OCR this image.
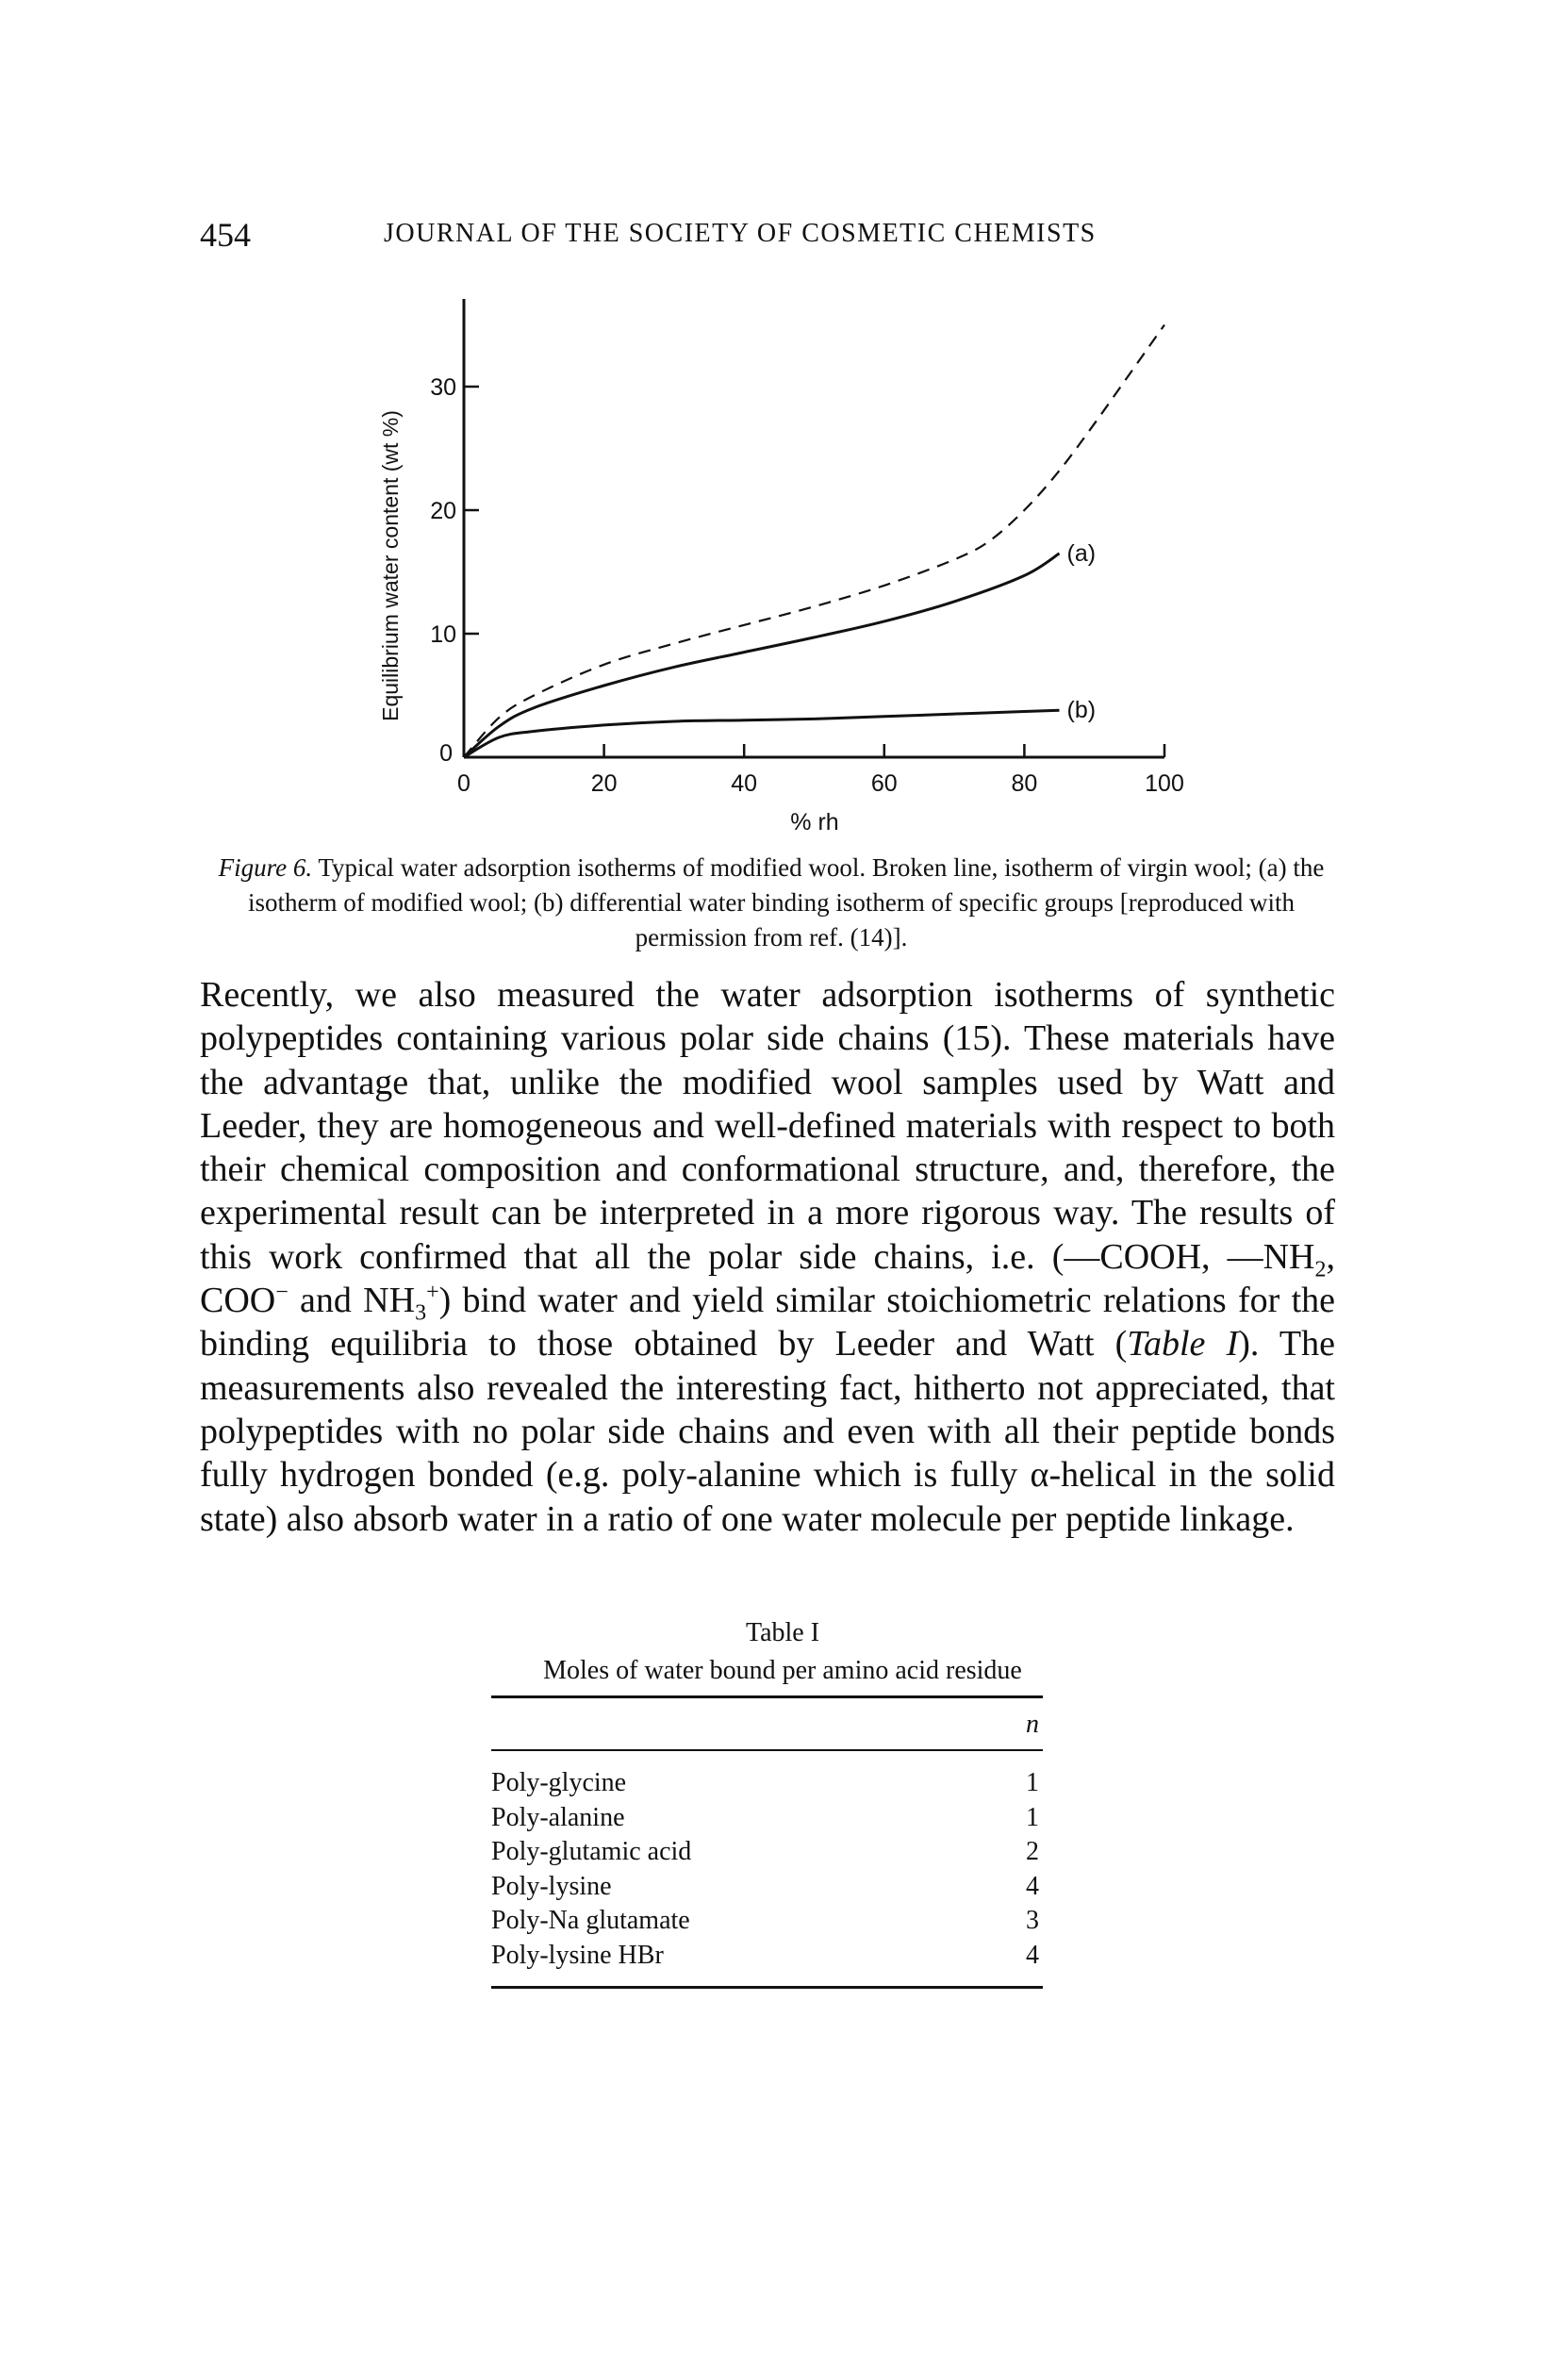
454	JOURNAL OF THE SOCIETY OF COSMETIC CHEMISTS
Equilibrium water content (wt %)
0	20	40	60	80	100
0
10
20
30
(a)
(b)
% rh
Figure 6. Typical water adsorption isotherms of modified wool. Broken line, isotherm of virgin wool; (a) the isotherm of modified wool; (b) differential water binding isotherm of specific groups [reproduced with permission from ref. (14)].
Recently, we also measured the water adsorption isotherms of synthetic polypeptides containing various polar side chains (15). These materials have the advantage that, unlike the modified wool samples used by Watt and Leeder, they are homogeneous and well-defined materials with respect to both their chemical composition and conformational structure, and, therefore, the experimental result can be interpreted in a more rigorous way. The results of this work confirmed that all the polar side chains, i.e. (—COOH, $—NH_2$, COO− and $NH_3^+$) bind water and yield similar stoichiometric relations for the binding equilibria to those obtained by Leeder and Watt (Table I). The measurements also revealed the interesting fact, hitherto not appreciated, that polypeptides with no polar side chains and even with all their peptide bonds fully hydrogen bonded (e.g. poly-alanine which is fully α-helical in the solid state) also absorb water in a ratio of one water molecule per peptide linkage.
Table I
Moles of water bound per amino acid residue
n
Poly-glycine	1
Poly-alanine	1
Poly-glutamic acid	2
Poly-lysine	4
Poly-Na glutamate	3
Poly-lysine HBr	4
